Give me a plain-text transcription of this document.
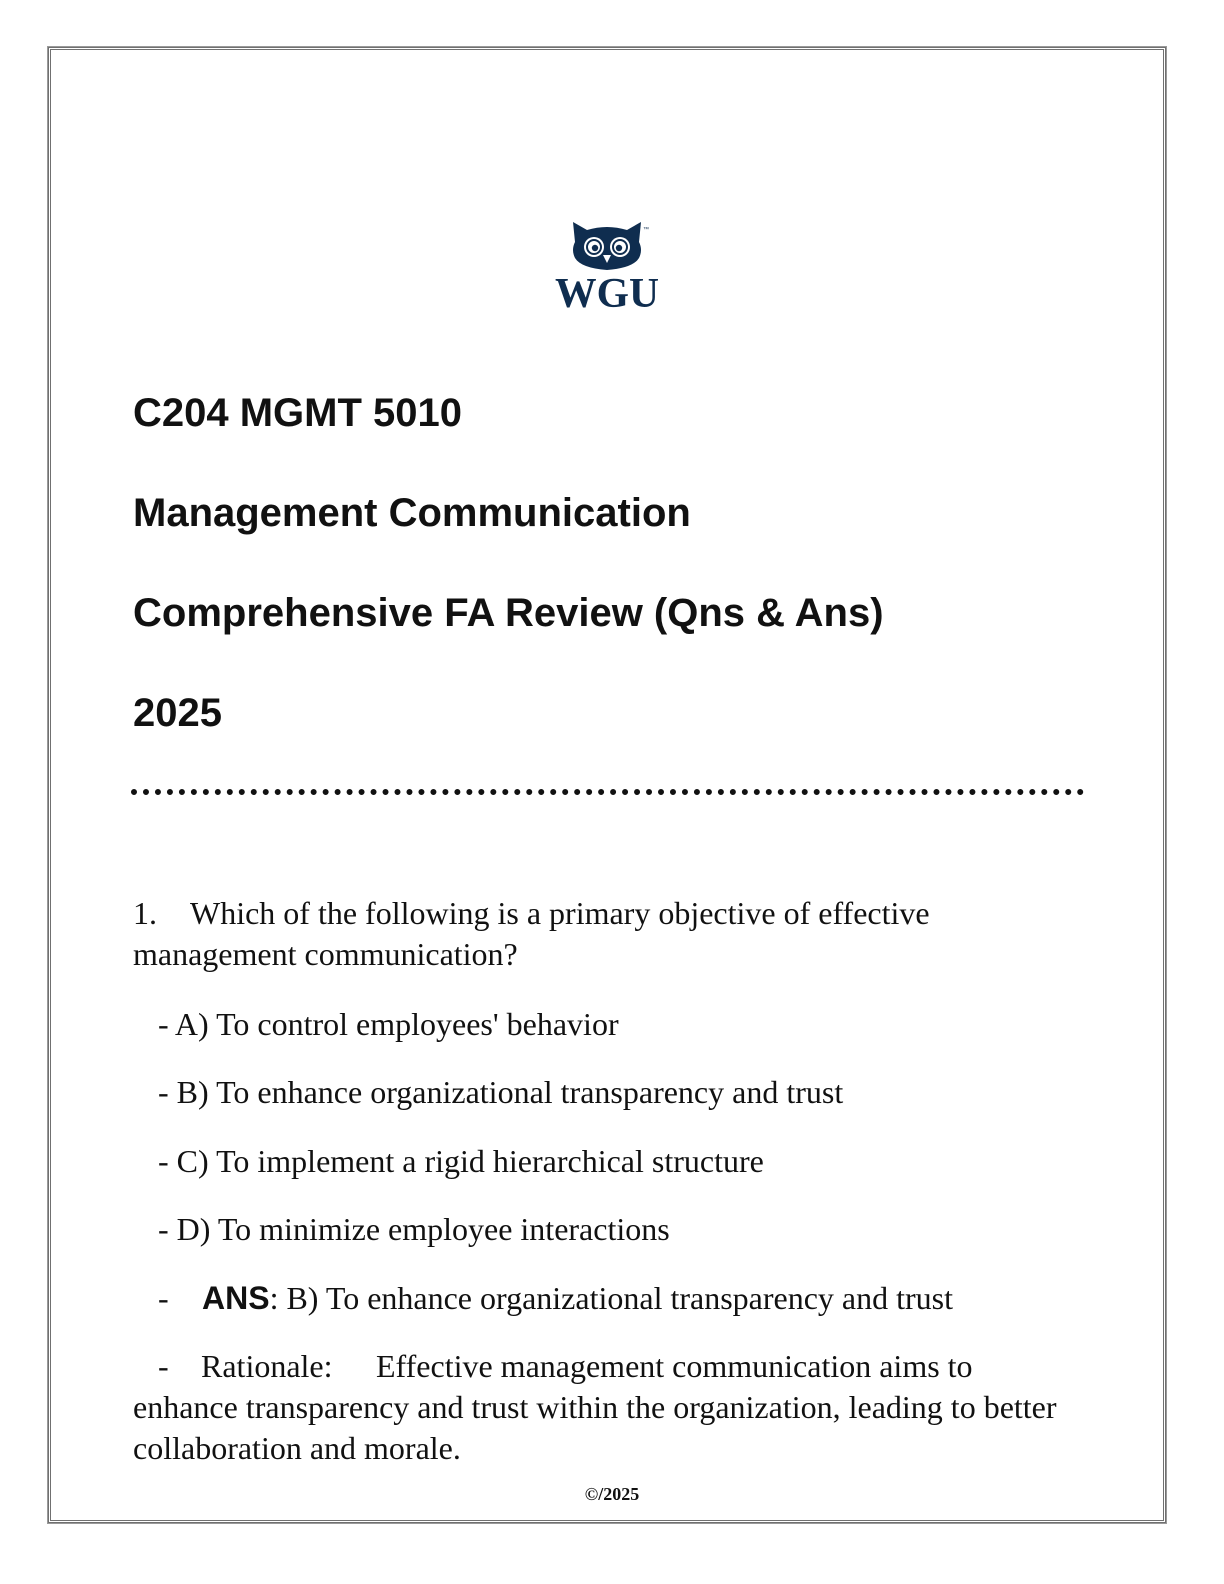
™
WGU
C204 MGMT 5010
Management Communication
Comprehensive FA Review (Qns & Ans)
2025

1. Which of the following is a primary objective of effective management communication?

- A) To control employees' behavior

- B) To enhance organizational transparency and trust

- C) To implement a rigid hierarchical structure

- D) To minimize employee interactions

- ANS: B) To enhance organizational transparency and trust

- Rationale: Effective management communication aims to enhance transparency and trust within the organization, leading to better collaboration and morale.

©/2025
